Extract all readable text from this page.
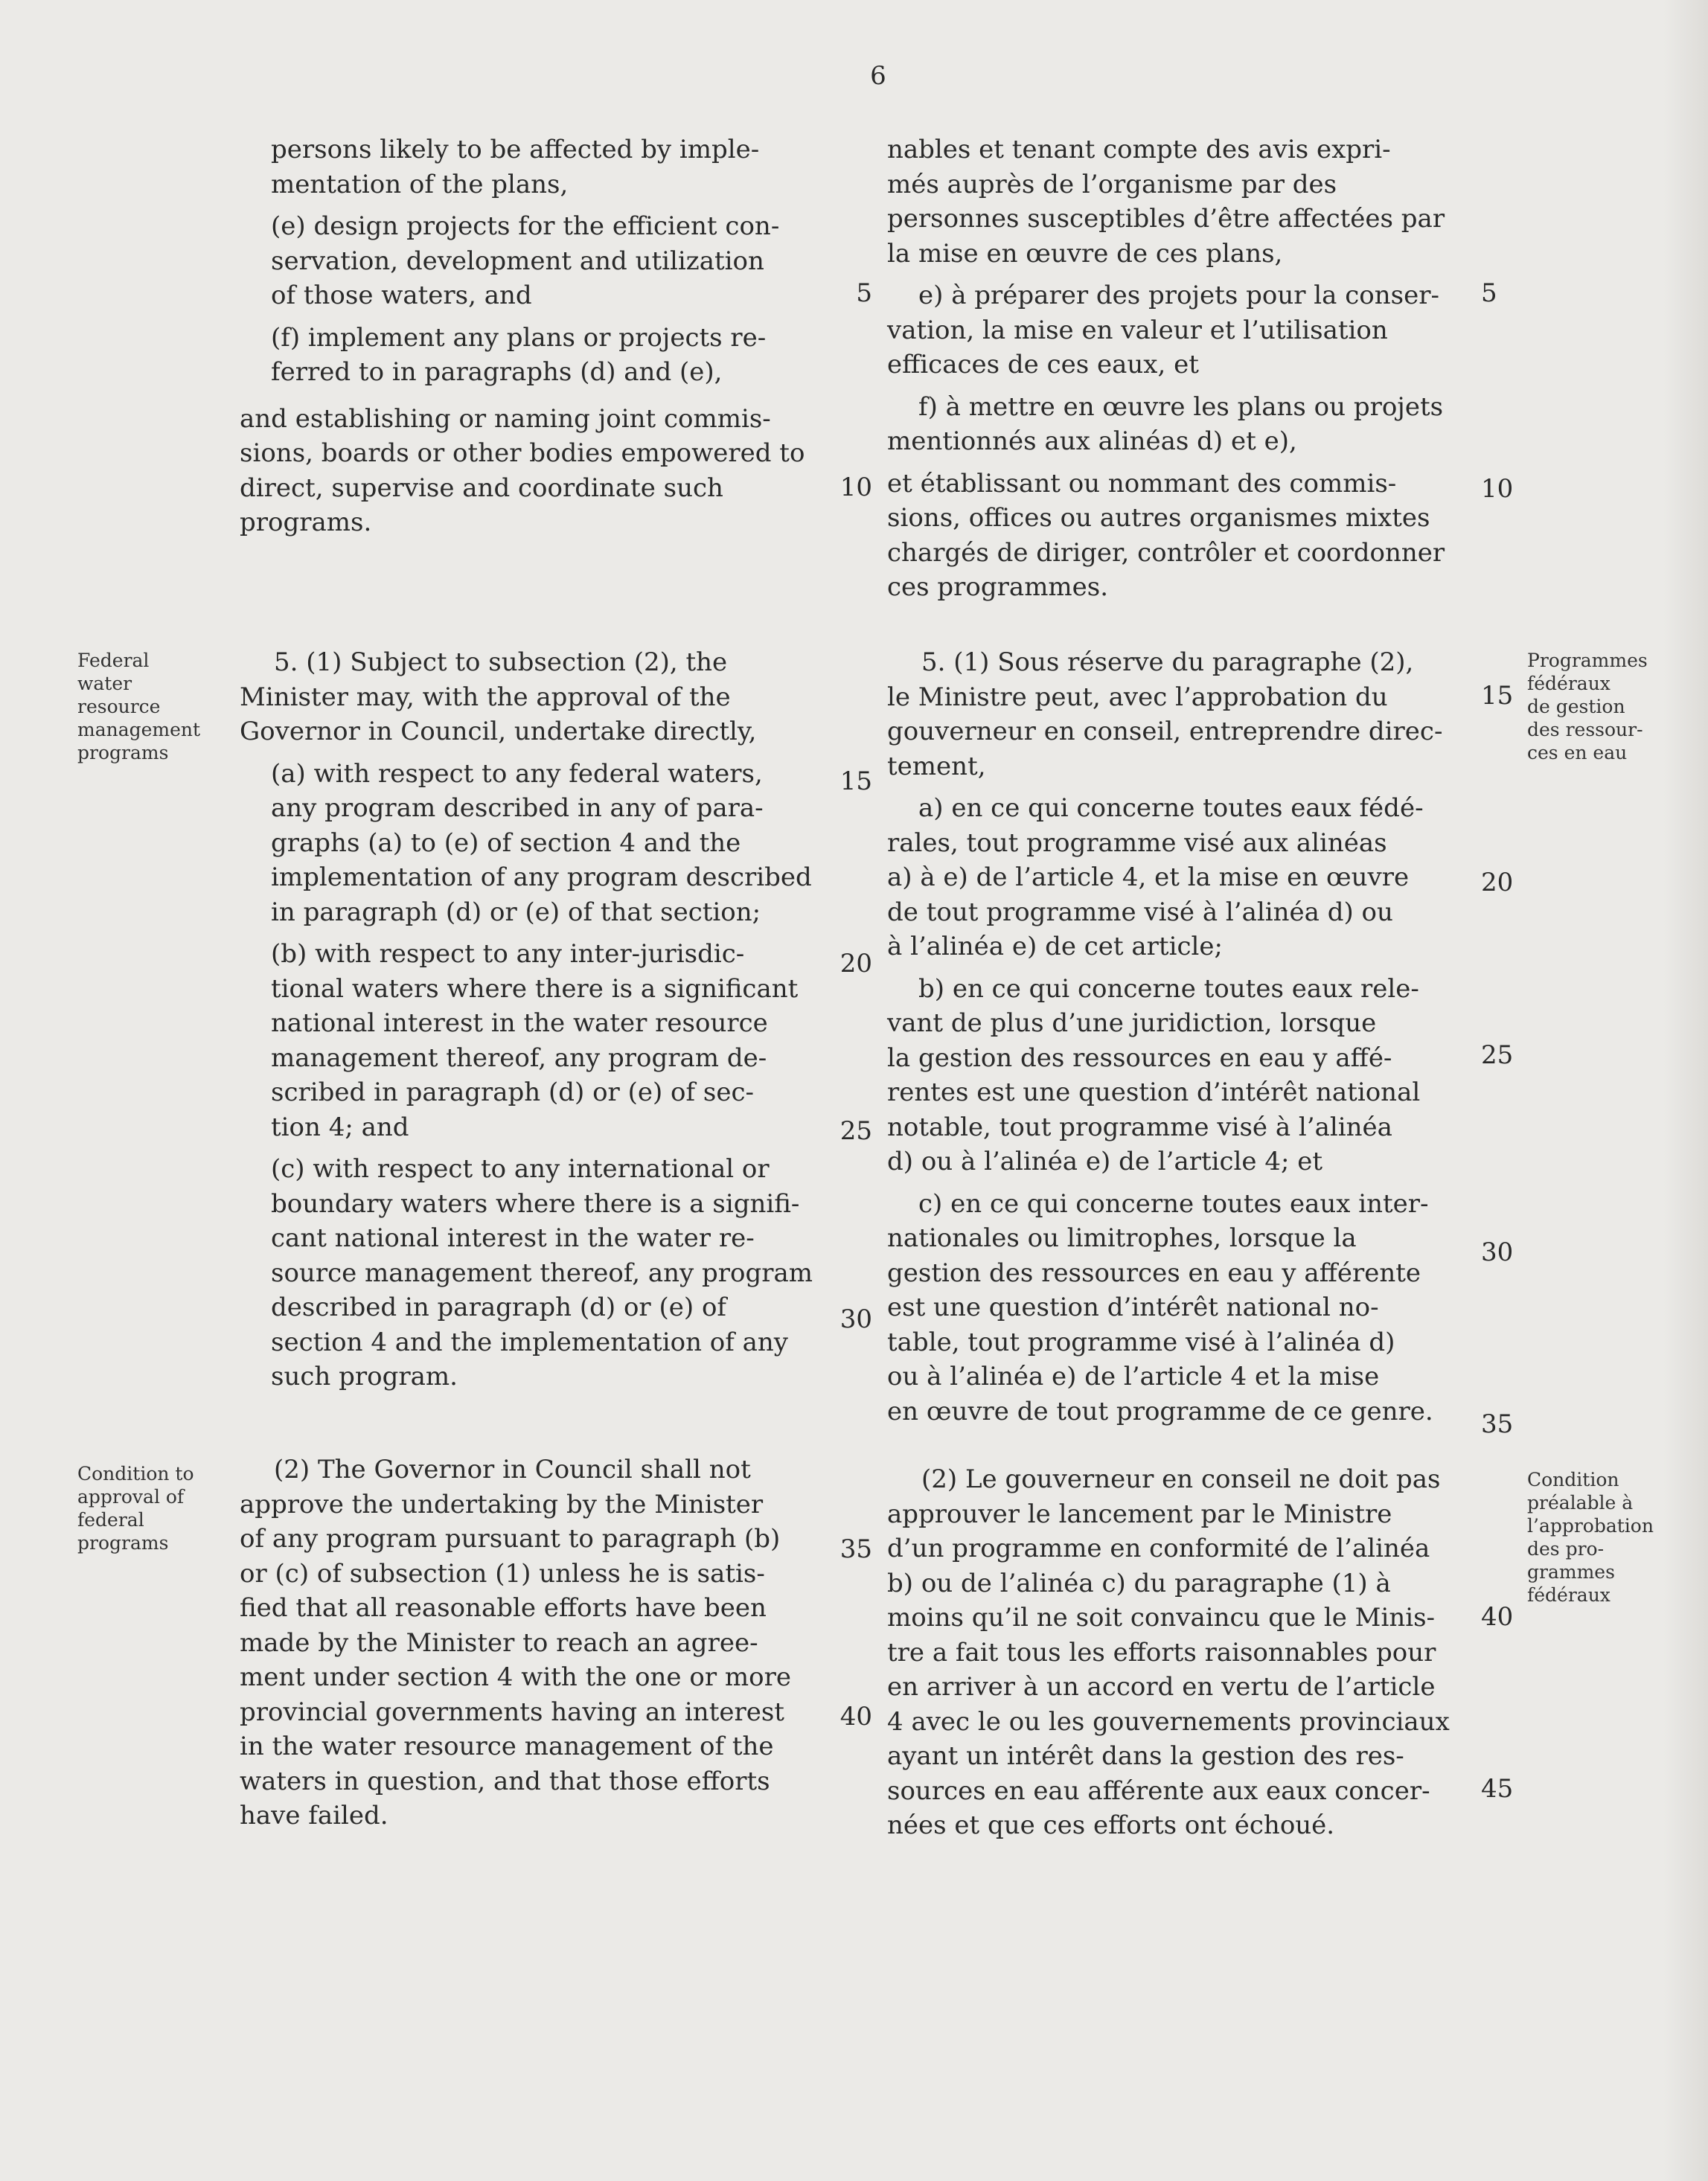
6
persons likely to be affected by imple-
mentation of the plans,
(e) design projects for the efficient con-
servation, development and utilization
of those waters, and
(f) implement any plans or projects re-
ferred to in paragraphs (d) and (e),
and establishing or naming joint commis-
sions, boards or other bodies empowered to
direct, supervise and coordinate such
programs.
5. (1) Subject to subsection (2), the
Minister may, with the approval of the
Governor in Council, undertake directly,
(a) with respect to any federal waters,
any program described in any of para-
graphs (a) to (e) of section 4 and the
implementation of any program described
in paragraph (d) or (e) of that section;
(b) with respect to any inter-jurisdic-
tional waters where there is a significant
national interest in the water resource
management thereof, any program de-
scribed in paragraph (d) or (e) of sec-
tion 4; and
(c) with respect to any international or
boundary waters where there is a signifi-
cant national interest in the water re-
source management thereof, any program
described in paragraph (d) or (e) of
section 4 and the implementation of any
such program.
(2) The Governor in Council shall not
approve the undertaking by the Minister
of any program pursuant to paragraph (b)
or (c) of subsection (1) unless he is satis-
fied that all reasonable efforts have been
made by the Minister to reach an agree-
ment under section 4 with the one or more
provincial governments having an interest
in the water resource management of the
waters in question, and that those efforts
have failed.
5
10
15
20
25
30
35
40
nables et tenant compte des avis expri-
més auprès de l’organisme par des
personnes susceptibles d’être affectées par
la mise en œuvre de ces plans,
e) à préparer des projets pour la conser-
vation, la mise en valeur et l’utilisation
efficaces de ces eaux, et
f) à mettre en œuvre les plans ou projets
mentionnés aux alinéas d) et e),
et établissant ou nommant des commis-
sions, offices ou autres organismes mixtes
chargés de diriger, contrôler et coordonner
ces programmes.
5. (1) Sous réserve du paragraphe (2),
le Ministre peut, avec l’approbation du
gouverneur en conseil, entreprendre direc-
tement,
a) en ce qui concerne toutes eaux fédé-
rales, tout programme visé aux alinéas
a) à e) de l’article 4, et la mise en œuvre
de tout programme visé à l’alinéa d) ou
à l’alinéa e) de cet article;
b) en ce qui concerne toutes eaux rele-
vant de plus d’une juridiction, lorsque
la gestion des ressources en eau y affé-
rentes est une question d’intérêt national
notable, tout programme visé à l’alinéa
d) ou à l’alinéa e) de l’article 4; et
c) en ce qui concerne toutes eaux inter-
nationales ou limitrophes, lorsque la
gestion des ressources en eau y afférente
est une question d’intérêt national no-
table, tout programme visé à l’alinéa d)
ou à l’alinéa e) de l’article 4 et la mise
en œuvre de tout programme de ce genre.
(2) Le gouverneur en conseil ne doit pas
approuver le lancement par le Ministre
d’un programme en conformité de l’alinéa
b) ou de l’alinéa c) du paragraphe (1) à
moins qu’il ne soit convaincu que le Minis-
tre a fait tous les efforts raisonnables pour
en arriver à un accord en vertu de l’article
4 avec le ou les gouvernements provinciaux
ayant un intérêt dans la gestion des res-
sources en eau afférente aux eaux concer-
nées et que ces efforts ont échoué.
5
10
15
20
25
30
35
40
45
Federal
water
resource
management
programs
Condition to
approval of
federal
programs
Programmes
fédéraux
de gestion
des ressour-
ces en eau
Condition
préalable à
l’approbation
des pro-
grammes
fédéraux
